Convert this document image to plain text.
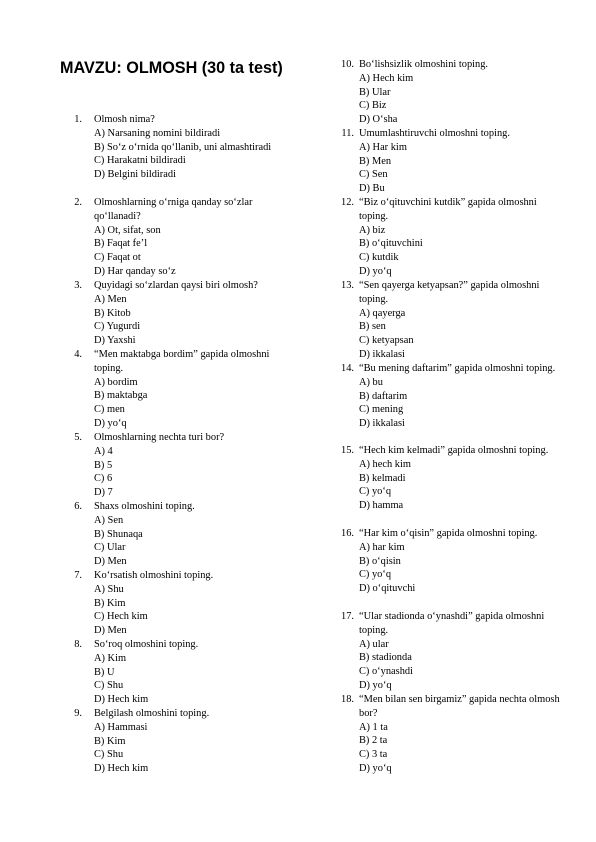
MAVZU: OLMOSH (30 ta test)
1. Olmosh nima?
A) Narsaning nomini bildiradi
B) So‘z o‘rnida qo‘llanib, uni almashtiradi
C) Harakatni bildiradi
D) Belgini bildiradi
2. Olmoshlarning o‘rniga qanday so‘zlar qo‘llanadi?
A) Ot, sifat, son
B) Faqat fe’l
C) Faqat ot
D) Har qanday so‘z
3. Quyidagi so‘zlardan qaysi biri olmosh?
A) Men
B) Kitob
C) Yugurdi
D) Yaxshi
4. “Men maktabga bordim” gapida olmoshni toping.
A) bordim
B) maktabga
C) men
D) yo‘q
5. Olmoshlarning nechta turi bor?
A) 4
B) 5
C) 6
D) 7
6. Shaxs olmoshini toping.
A) Sen
B) Shunaqa
C) Ular
D) Men
7. Ko‘rsatish olmoshini toping.
A) Shu
B) Kim
C) Hech kim
D) Men
8. So‘roq olmoshini toping.
A) Kim
B) U
C) Shu
D) Hech kim
9. Belgilash olmoshini toping.
A) Hammasi
B) Kim
C) Shu
D) Hech kim
10. Bo‘lishsizlik olmoshini toping.
A) Hech kim
B) Ular
C) Biz
D) O‘sha
11. Umumlashtiruvchi olmoshni toping.
A) Har kim
B) Men
C) Sen
D) Bu
12. “Biz o‘qituvchini kutdik” gapida olmoshni toping.
A) biz
B) o‘qituvchini
C) kutdik
D) yo‘q
13. “Sen qayerga ketyapsan?” gapida olmoshni toping.
A) qayerga
B) sen
C) ketyapsan
D) ikkalasi
14. “Bu mening daftarim” gapida olmoshni toping.
A) bu
B) daftarim
C) mening
D) ikkalasi
15. “Hech kim kelmadi” gapida olmoshni toping.
A) hech kim
B) kelmadi
C) yo‘q
D) hamma
16. “Har kim o‘qisin” gapida olmoshni toping.
A) har kim
B) o‘qisin
C) yo‘q
D) o‘qituvchi
17. “Ular stadionda o‘ynashdi” gapida olmoshni toping.
A) ular
B) stadionda
C) o‘ynashdi
D) yo‘q
18. “Men bilan sen birgamiz” gapida nechta olmosh bor?
A) 1 ta
B) 2 ta
C) 3 ta
D) yo‘q
